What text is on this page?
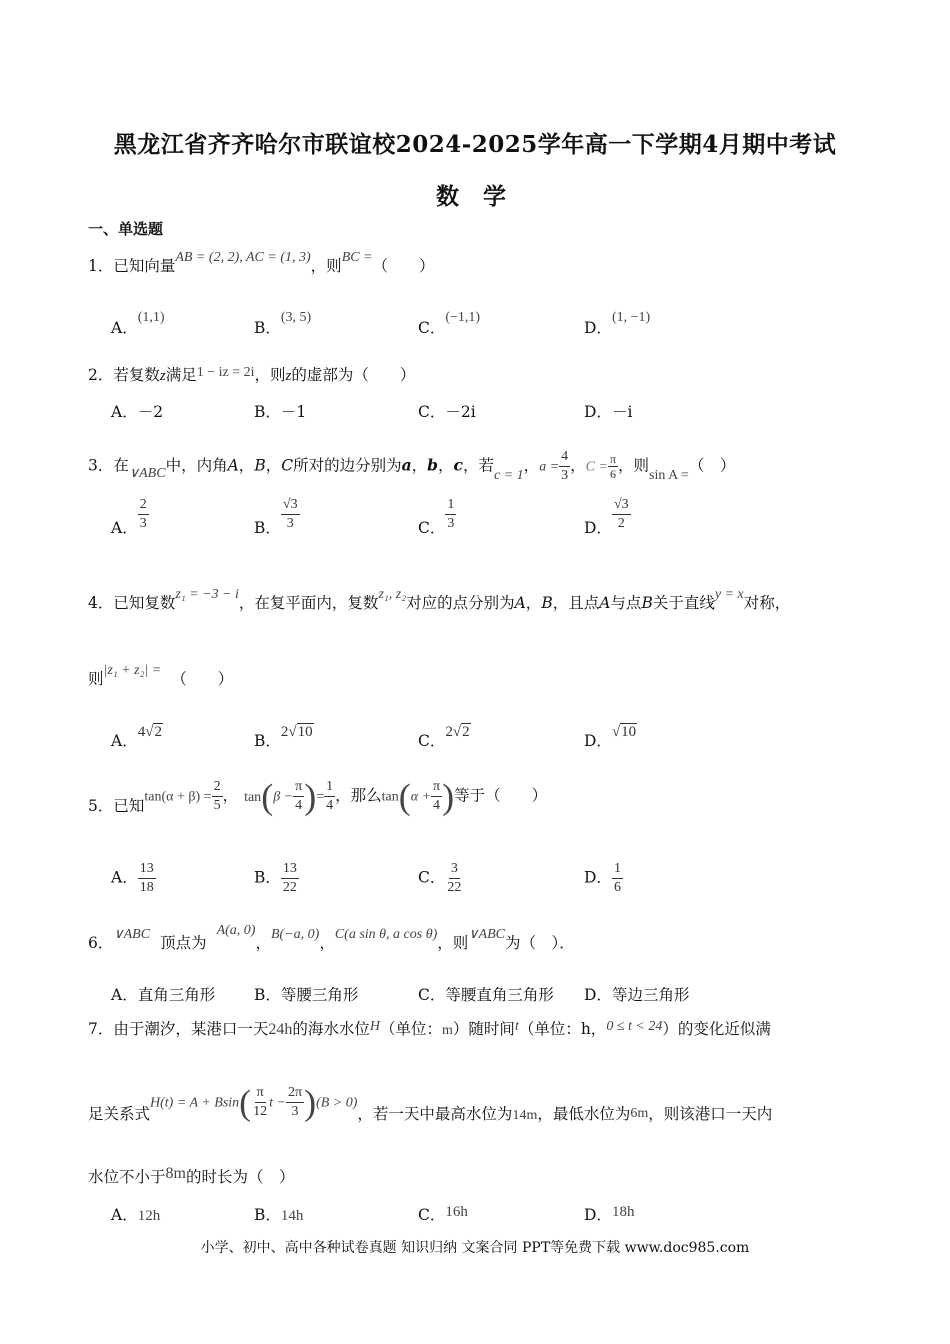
黑龙江省齐齐哈尔市联谊校2024-2025学年高一下学期4月期中考试
数 学
一、单选题
1．已知向量AB = (2, 2), AC = (1, 3)，则BC =（　　）
A．(1,1)
B．(3, 5)
C．(−1,1)
D．(1, −1)
2．若复数z满足1 − iz = 2i，则z的虚部为（　　）
A．－2	B．－1	C．－2i	D．－i
3．在∨ABC中，内角A，B，C所对的边分别为a，b，c，若c = 1，$a = \frac{4}{3}$ ，$C = \frac{\pi}{6}$ ，则sin A =（　）
A． $\frac{2}{3}$	B． $\frac{√3}{3}$	C． $\frac{1}{3}$	D． $\frac{√3}{2}$
4．已知复数z₁ = −3 − i，在复平面内，复数z₁, z₂对应的点分别为A，B，且点A与点B关于直线y = x对称，
则|z₁ + z₂| = （　　）
A．4√2	B．2√10	C．2√2	D．√10
5．已知$\tan(\alpha + \beta) = \frac{2}{5}$ ， $\tan(\beta - \frac{\pi}{4}$ )= $\frac{1}{4}$ ，那么$\tan(\alpha + \frac{\pi}{4}$ )等于（　　）
A． $\frac{13}{18}$	B． $\frac{13}{22}$	C． $\frac{3}{22}$	D． $\frac{1}{6}$
6．∨ABC 顶点为A(a, 0)，B(−a, 0)，C(a sin θ, a cos θ)，则∨ABC为（　）．
A．直角三角形	B．等腰三角形	C．等腰直角三角形 D．等边三角形
7．由于潮汐，某港口一天24h的海水水位H（单位：m）随时间t（单位：h，0 ≤ t < 24）的变化近似满
足关系式$H(t) = A + Bsin( \frac{\pi}{12}$ $t - \frac{2\pi}{3} )(B > 0)$，若一天中最高水位为14m，最低水位为6m，则该港口一天内
水位不小于8m的时长为（　）
A．12h	B．14h	C．16h	D．18h
小学、初中、高中各种试卷真题 知识归纳 文案合同 PPT等免费下载 www.doc985.com
